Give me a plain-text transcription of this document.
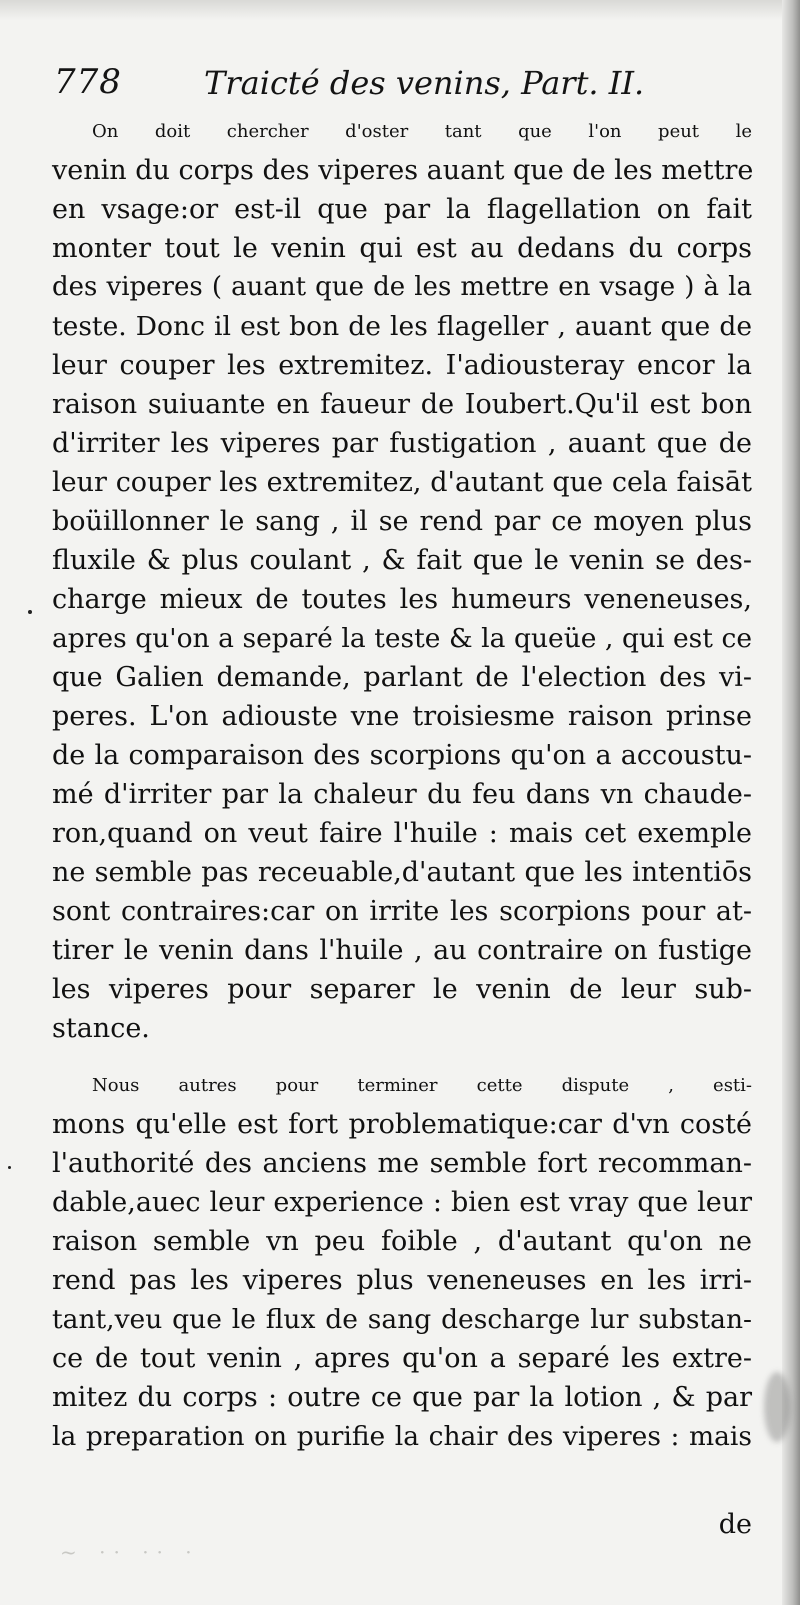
778	Traicté des venins, Part. II.
On doit chercher d'oster tant que l'on peut le
venin du corps des viperes auant que de les mettre
en vsage:or est-il que par la flagellation on fait
monter tout le venin qui est au dedans du corps
des viperes ( auant que de les mettre en vsage ) à la
teste. Donc il est bon de les flageller , auant que de
leur couper les extremitez. I'adiousteray encor la
raison suiuante en faueur de Ioubert.Qu'il est bon
d'irriter les viperes par fustigation , auant que de
leur couper les extremitez, d'autant que cela faisāt
boüillonner le sang , il se rend par ce moyen plus
fluxile & plus coulant , & fait que le venin se des-
charge mieux de toutes les humeurs veneneuses,
apres qu'on a separé la teste & la queüe , qui est ce
que Galien demande, parlant de l'election des vi-
peres. L'on adiouste vne troisiesme raison prinse
de la comparaison des scorpions qu'on a accoustu-
mé d'irriter par la chaleur du feu dans vn chaude-
ron,quand on veut faire l'huile : mais cet exemple
ne semble pas receuable,d'autant que les intentiōs
sont contraires:car on irrite les scorpions pour at-
tirer le venin dans l'huile , au contraire on fustige
les viperes pour separer le venin de leur sub-
stance.
Nous autres pour terminer cette dispute , esti-
mons qu'elle est fort problematique:car d'vn costé
l'authorité des anciens me semble fort recomman-
dable,auec leur experience : bien est vray que leur
raison semble vn peu foible , d'autant qu'on ne
rend pas les viperes plus veneneuses en les irri-
tant,veu que le flux de sang descharge lur substan-
ce de tout venin , apres qu'on a separé les extre-
mitez du corps : outre ce que par la lotion , & par
la preparation on purifie la chair des viperes : mais
de
~ ·· ·· ·
